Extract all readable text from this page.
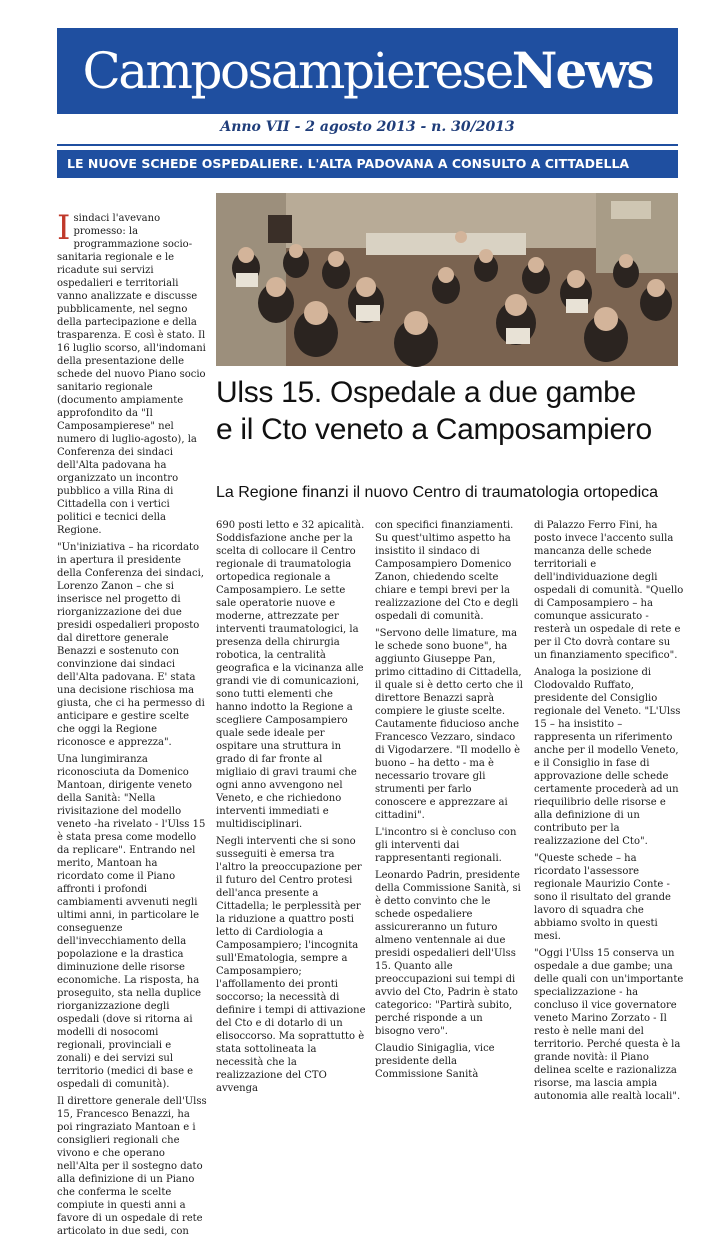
CamposampiereseNews
Anno VII - 2 agosto 2013 - n. 30/2013
LE NUOVE SCHEDE OSPEDALIERE. L'ALTA PADOVANA A CONSULTO A CITTADELLA
Ulss 15. Ospedale a due gambe
e il Cto veneto a Camposampiero
La Regione finanzi il nuovo Centro di traumatologia ortopedica

Isindaci l'avevano promesso: la programmazione socio-sanitaria regionale e le ricadute sui servizi ospedalieri e territoriali vanno analizzate e discusse pubblicamente, nel segno della partecipazione e della trasparenza. E così è stato. Il 16 luglio scorso, all'indomani della presentazione delle schede del nuovo Piano socio sanitario regionale (documento ampiamente approfondito da "Il Camposampierese" nel numero di luglio-agosto), la Conferenza dei sindaci dell'Alta padovana ha organizzato un incontro pubblico a villa Rina di Cittadella con i vertici politici e tecnici della Regione.

"Un'iniziativa – ha ricordato in apertura il presidente della Conferenza dei sindaci, Lorenzo Zanon – che si inserisce nel progetto di riorganizzazione dei due presidi ospedalieri proposto dal direttore generale Benazzi e sostenuto con convinzione dai sindaci dell'Alta padovana. E' stata una decisione rischiosa ma giusta, che ci ha permesso di anticipare e gestire scelte che oggi la Regione riconosce e apprezza".

Una lungimiranza riconosciuta da Domenico Mantoan, dirigente veneto della Sanità: "Nella rivisitazione del modello veneto -ha rivelato - l'Ulss 15 è stata presa come modello da replicare". Entrando nel merito, Mantoan ha ricordato come il Piano affronti i profondi cambiamenti avvenuti negli ultimi anni, in particolare le conseguenze dell'invecchiamento della popolazione e la drastica diminuzione delle risorse economiche. La risposta, ha proseguito, sta nella duplice riorganizzazione degli ospedali (dove si ritorna ai modelli di nosocomi regionali, provinciali e zonali) e dei servizi sul territorio (medici di base e ospedali di comunità).

Il direttore generale dell'Ulss 15, Francesco Benazzi, ha poi ringraziato Mantoan e i consiglieri regionali che vivono e che operano nell'Alta per il sostegno dato alla definizione di un Piano che conferma le scelte compiute in questi anni a favore di un ospedale di rete articolato in due sedi, con

690 posti letto e 32 apicalità. Soddisfazione anche per la scelta di collocare il Centro regionale di traumatologia ortopedica regionale a Camposampiero. Le sette sale operatorie nuove e moderne, attrezzate per interventi traumatologici, la presenza della chirurgia robotica, la centralità geografica e la vicinanza alle grandi vie di comunicazioni, sono tutti elementi che hanno indotto la Regione a scegliere Camposampiero quale sede ideale per ospitare una struttura in grado di far fronte al migliaio di gravi traumi che ogni anno avvengono nel Veneto, e che richiedono interventi immediati e multidisciplinari.

Negli interventi che si sono susseguiti è emersa tra l'altro la preoccupazione per il futuro del Centro protesi dell'anca presente a Cittadella; le perplessità per la riduzione a quattro posti letto di Cardiologia a Camposampiero; l'incognita sull'Ematologia, sempre a Camposampiero; l'affollamento dei pronti soccorso; la necessità di definire i tempi di attivazione del Cto e di dotarlo di un elisoccorso. Ma soprattutto è stata sottolineata la necessità che la realizzazione del CTO avvenga

con specifici finanziamenti. Su quest'ultimo aspetto ha insistito il sindaco di Camposampiero Domenico Zanon, chiedendo scelte chiare e tempi brevi per la realizzazione del Cto e degli ospedali di comunità.

"Servono delle limature, ma le schede sono buone", ha aggiunto Giuseppe Pan, primo cittadino di Cittadella, il quale si è detto certo che il direttore Benazzi saprà compiere le giuste scelte. Cautamente fiducioso anche Francesco Vezzaro, sindaco di Vigodarzere. "Il modello è buono – ha detto - ma è necessario trovare gli strumenti per farlo conoscere e apprezzare ai cittadini".

L'incontro si è concluso con gli interventi dai rappresentanti regionali.

Leonardo Padrin, presidente della Commissione Sanità, si è detto convinto che le schede ospedaliere assicureranno un futuro almeno ventennale ai due presidi ospedalieri dell'Ulss 15. Quanto alle preoccupazioni sui tempi di avvio del Cto, Padrin è stato categorico: "Partirà subito, perché risponde a un bisogno vero".

Claudio Sinigaglia, vice presidente della Commissione Sanità

di Palazzo Ferro Fini, ha posto invece l'accento sulla mancanza delle schede territoriali e dell'individuazione degli ospedali di comunità. "Quello di Camposampiero – ha comunque assicurato - resterà un ospedale di rete e per il Cto dovrà contare su un finanziamento specifico".

Analoga la posizione di Clodovaldo Ruffato, presidente del Consiglio regionale del Veneto. "L'Ulss 15 – ha insistito – rappresenta un riferimento anche per il modello Veneto, e il Consiglio in fase di approvazione delle schede certamente procederà ad un riequilibrio delle risorse e alla definizione di un contributo per la realizzazione del Cto".

"Queste schede – ha ricordato l'assessore regionale Maurizio Conte - sono il risultato del grande lavoro di squadra che abbiamo svolto in questi mesi.

"Oggi l'Ulss 15 conserva un ospedale a due gambe; una delle quali con un'importante specializzazione - ha concluso il vice governatore veneto Marino Zorzato - Il resto è nelle mani del territorio. Perché questa è la grande novità: il Piano delinea scelte e razionalizza risorse, ma lascia ampia autonomia alle realtà locali".
